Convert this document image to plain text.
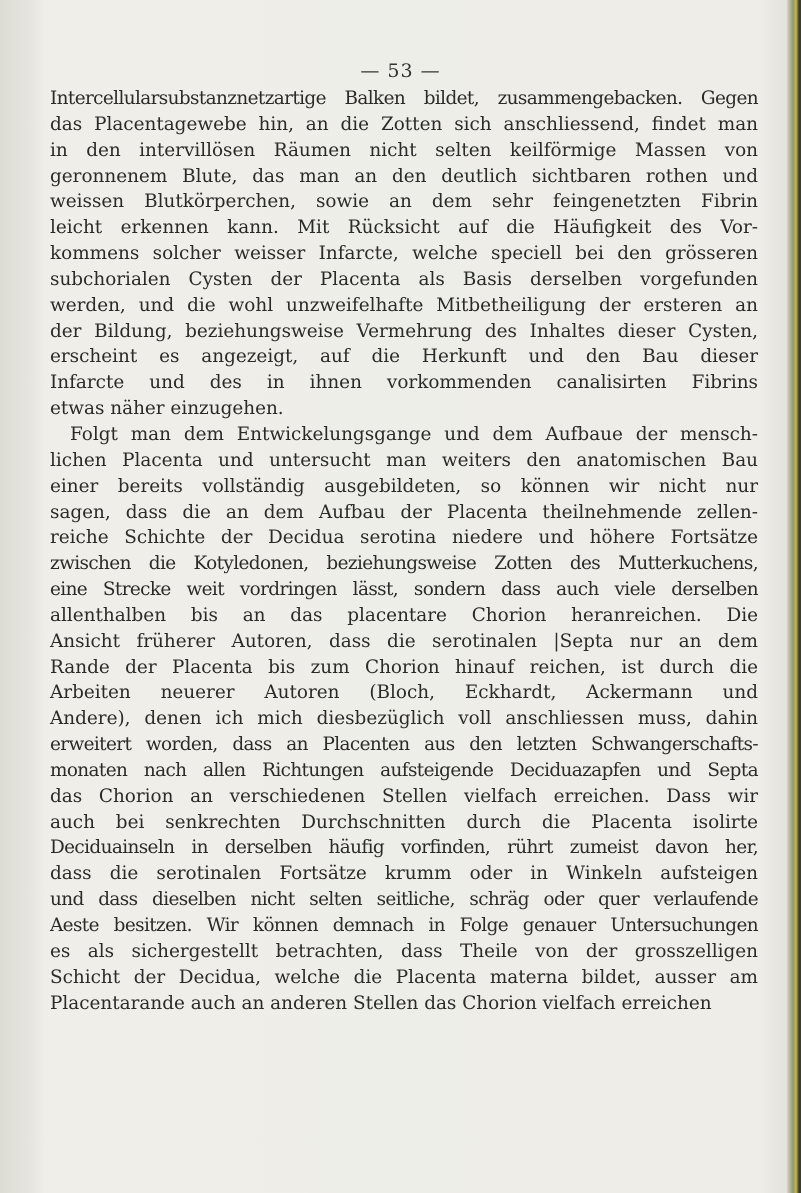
— 53 —
Intercellularsubstanznetzartige Balken bildet, zusammengebacken. Gegen
das Placentagewebe hin, an die Zotten sich anschliessend, findet man
in den intervillösen Räumen nicht selten keilförmige Massen von
geronnenem Blute, das man an den deutlich sichtbaren rothen und
weissen Blutkörperchen, sowie an dem sehr feingenetzten Fibrin
leicht erkennen kann. Mit Rücksicht auf die Häufigkeit des Vor-
kommens solcher weisser Infarcte, welche speciell bei den grösseren
subchorialen Cysten der Placenta als Basis derselben vorgefunden
werden, und die wohl unzweifelhafte Mitbetheiligung der ersteren an
der Bildung, beziehungsweise Vermehrung des Inhaltes dieser Cysten,
erscheint es angezeigt, auf die Herkunft und den Bau dieser
Infarcte und des in ihnen vorkommenden canalisirten Fibrins
etwas näher einzugehen.
Folgt man dem Entwickelungsgange und dem Aufbaue der mensch-
lichen Placenta und untersucht man weiters den anatomischen Bau
einer bereits vollständig ausgebildeten, so können wir nicht nur
sagen, dass die an dem Aufbau der Placenta theilnehmende zellen-
reiche Schichte der Decidua serotina niedere und höhere Fortsätze
zwischen die Kotyledonen, beziehungsweise Zotten des Mutterkuchens,
eine Strecke weit vordringen lässt, sondern dass auch viele derselben
allenthalben bis an das placentare Chorion heranreichen. Die
Ansicht früherer Autoren, dass die serotinalen |Septa nur an dem
Rande der Placenta bis zum Chorion hinauf reichen, ist durch die
Arbeiten neuerer Autoren (Bloch, Eckhardt, Ackermann und
Andere), denen ich mich diesbezüglich voll anschliessen muss, dahin
erweitert worden, dass an Placenten aus den letzten Schwangerschafts-
monaten nach allen Richtungen aufsteigende Deciduazapfen und Septa
das Chorion an verschiedenen Stellen vielfach erreichen. Dass wir
auch bei senkrechten Durchschnitten durch die Placenta isolirte
Deciduainseln in derselben häufig vorfinden, rührt zumeist davon her,
dass die serotinalen Fortsätze krumm oder in Winkeln aufsteigen
und dass dieselben nicht selten seitliche, schräg oder quer verlaufende
Aeste besitzen. Wir können demnach in Folge genauer Untersuchungen
es als sichergestellt betrachten, dass Theile von der grosszelligen
Schicht der Decidua, welche die Placenta materna bildet, ausser am
Placentarande auch an anderen Stellen das Chorion vielfach erreichen
